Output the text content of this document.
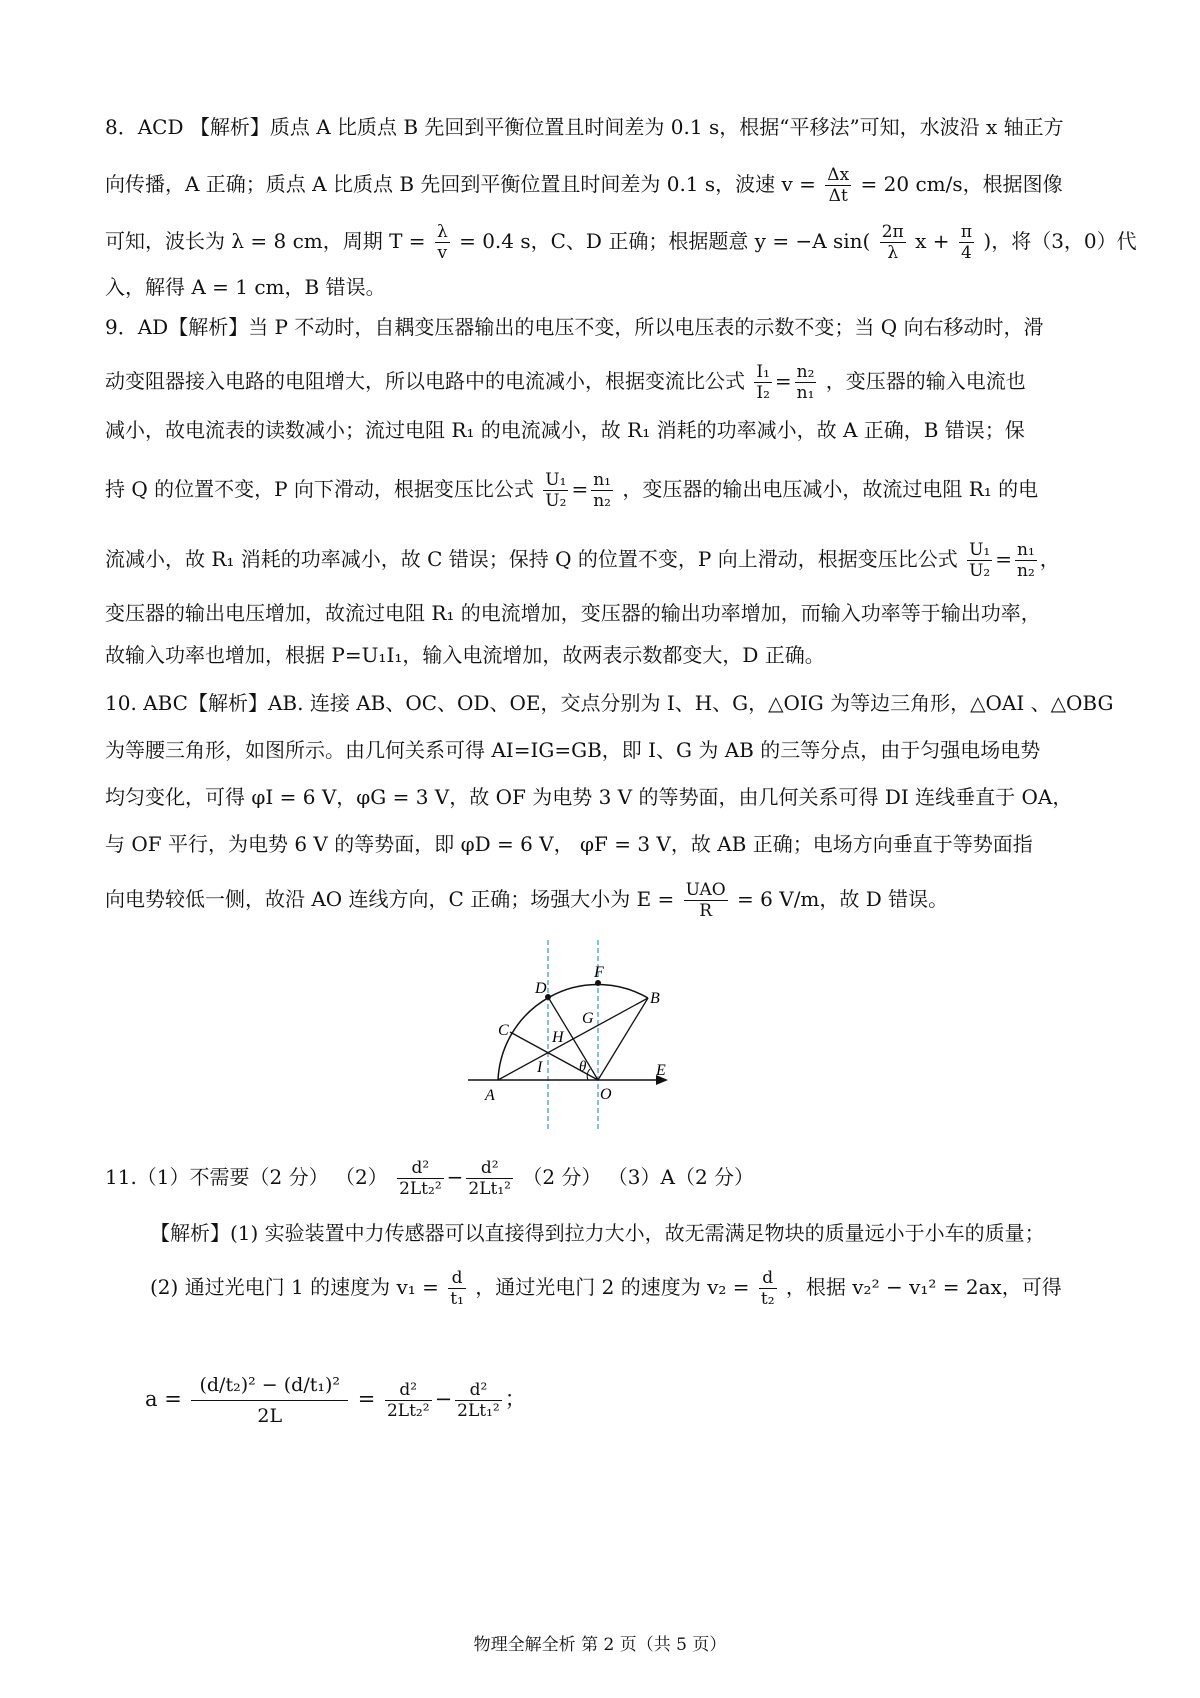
8．ACD 【解析】质点 A 比质点 B 先回到平衡位置且时间差为 0.1 s，根据“平移法”可知，水波沿 x 轴正方
向传播，A 正确；质点 A 比质点 B 先回到平衡位置且时间差为 0.1 s，波速 $v = \frac{\Delta x}{\Delta t} = 20$ cm/s，根据图像
可知，波长为 λ = 8 cm，周期 $T = \frac{\lambda}{v} = 0.4$ s，C、D 正确；根据题意 y = −A $\sin( \frac{2\pi}{\lambda}$ $x + \frac{\pi}{4}$ )，将（3，0）代
入，解得 A = 1 cm，B 错误。
9．AD【解析】当 P 不动时，自耦变压器输出的电压不变，所以电压表的示数不变；当 Q 向右移动时，滑
动变阻器接入电路的电阻增大，所以电路中的电流减小，根据变流比公式 $\frac{\text{I₁}}{\text{I₂}} = \frac{\text{n₂}}{\text{n₁}}$ ，变压器的输入电流也
减小，故电流表的读数减小；流过电阻 R₁ 的电流减小，故 R₁ 消耗的功率减小，故 A 正确，B 错误；保
持 Q 的位置不变，P 向下滑动，根据变压比公式 $\frac{\text{U₁}}{\text{U₂}} = \frac{\text{n₁}}{\text{n₂}}$ ，变压器的输出电压减小，故流过电阻 R₁ 的电
流减小，故 R₁ 消耗的功率减小，故 C 错误；保持 Q 的位置不变，P 向上滑动，根据变压比公式 $\frac{\text{U₁}}{\text{U₂}} = \frac{\text{n₁}}{\text{n₂}}$ ，
变压器的输出电压增加，故流过电阻 R₁ 的电流增加，变压器的输出功率增加，而输入功率等于输出功率，
故输入功率也增加，根据 P=U₁I₁，输入电流增加，故两表示数都变大，D 正确。
10. ABC【解析】AB. 连接 AB、OC、OD、OE，交点分别为 I、H、G，△OIG 为等边三角形，△OAI 、△OBG
为等腰三角形，如图所示。由几何关系可得 AI=IG=GB，即 I、G 为 AB 的三等分点，由于匀强电场电势
均匀变化，可得 φI = 6 V，φG = 3 V，故 OF 为电势 3 V 的等势面，由几何关系可得 DI 连线垂直于 OA，
与 OF 平行，为电势 6 V 的等势面，即 φD = 6 V， φF = 3 V，故 AB 正确；电场方向垂直于等势面指
向电势较低一侧，故沿 AO 连线方向，C 正确；场强大小为 $E = \frac{\text{UAO}}{R} = 6$ V/m，故 D 错误。
F
D
B
C
G
H
I θ	E
A	O
11.（1）不需要（2 分） $(2) \frac{\text{d²}}{\text{2Lt₂²}} - \frac{\text{d²}}{\text{2Lt₁²}} (2$ 分） （3）A（2 分）
【解析】(1) 实验装置中力传感器可以直接得到拉力大小，故无需满足物块的质量远小于小车的质量；
(2) 通过光电门 1 的速度为 $v_1 = \frac{d}{\text{t₁}}$ ，通过光电门 2 的速度为 $v_2 = \frac{d}{\text{t₂}}$ ，根据 v₂² − v₁² = 2ax，可得
$a = \frac{\text{(d/t₂)² − (d/t₁)²}}{2L} = \frac{\text{d²}}{\text{2Lt₂²}} - \frac{\text{d²}}{\text{2Lt₁²}}$ ；
物理全解全析 第 2 页（共 5 页）
